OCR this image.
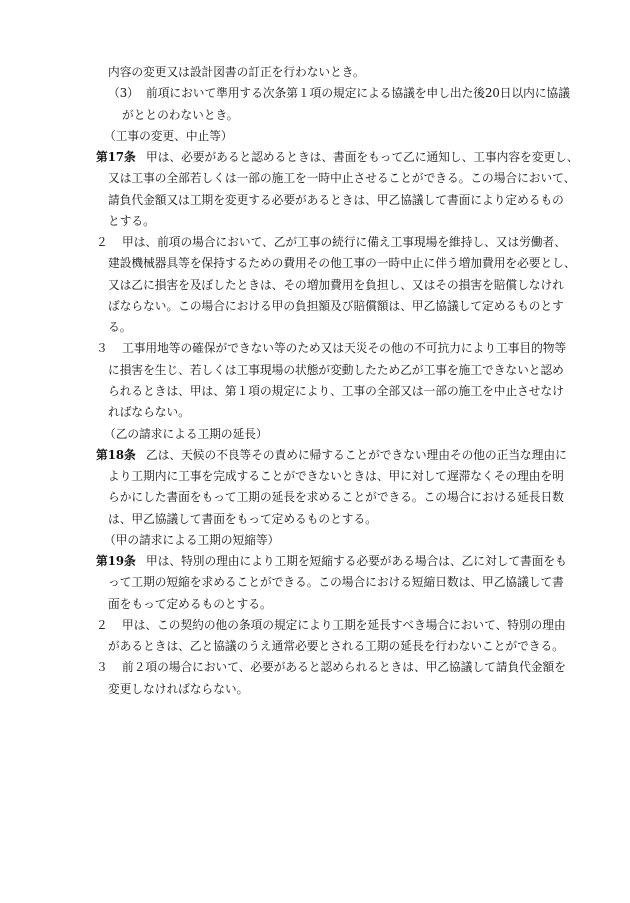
内容の変更又は設計図書の訂正を行わないとき。
（3） 前項において準用する次条第１項の規定による協議を申し出た後20日以内に協議
がととのわないとき。
（工事の変更、中止等）
第17条 甲は、必要があると認めるときは、書面をもって乙に通知し、工事内容を変更し、
又は工事の全部若しくは一部の施工を一時中止させることができる。この場合において、
請負代金額又は工期を変更する必要があるときは、甲乙協議して書面により定めるもの
とする。
２ 甲は、前項の場合において、乙が工事の続行に備え工事現場を維持し、又は労働者、
建設機械器具等を保持するための費用その他工事の一時中止に伴う増加費用を必要とし、
又は乙に損害を及ぼしたときは、その増加費用を負担し、又はその損害を賠償しなけれ
ばならない。この場合における甲の負担額及び賠償額は、甲乙協議して定めるものとす
る。
３ 工事用地等の確保ができない等のため又は天災その他の不可抗力により工事目的物等
に損害を生じ、若しくは工事現場の状態が変動したため乙が工事を施工できないと認め
られるときは、甲は、第１項の規定により、工事の全部又は一部の施工を中止させなけ
ればならない。
（乙の請求による工期の延長）
第18条 乙は、天候の不良等その責めに帰することができない理由その他の正当な理由に
より工期内に工事を完成することができないときは、甲に対して遅滞なくその理由を明
らかにした書面をもって工期の延長を求めることができる。この場合における延長日数
は、甲乙協議して書面をもって定めるものとする。
（甲の請求による工期の短縮等）
第19条 甲は、特別の理由により工期を短縮する必要がある場合は、乙に対して書面をも
って工期の短縮を求めることができる。この場合における短縮日数は、甲乙協議して書
面をもって定めるものとする。
２ 甲は、この契約の他の条項の規定により工期を延長すべき場合において、特別の理由
があるときは、乙と協議のうえ通常必要とされる工期の延長を行わないことができる。
３ 前２項の場合において、必要があると認められるときは、甲乙協議して請負代金額を
変更しなければならない。
